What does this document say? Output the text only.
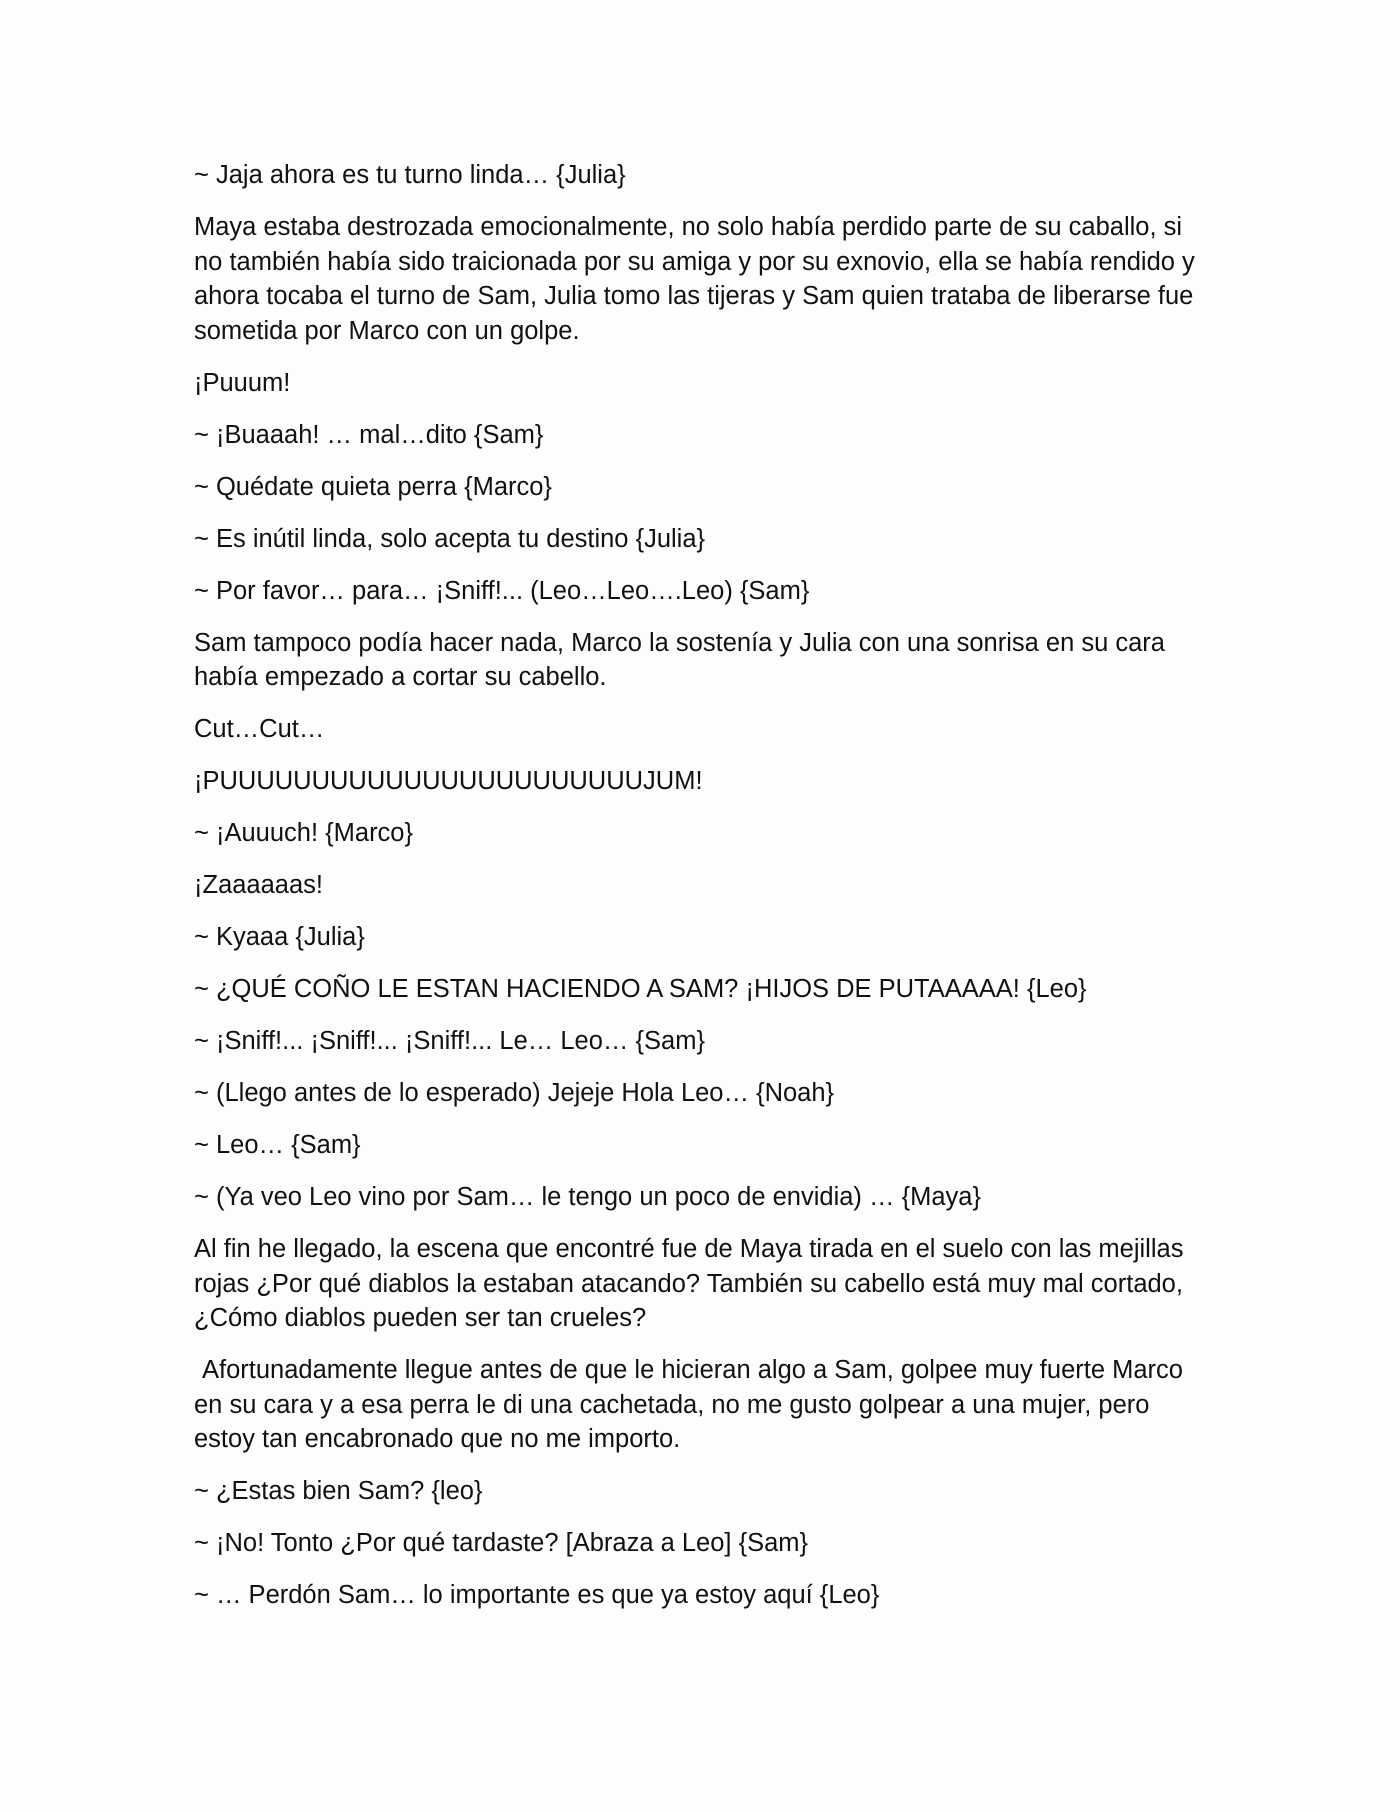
~ Jaja ahora es tu turno linda… {Julia}

Maya estaba destrozada emocionalmente, no solo había perdido parte de su caballo, si no también había sido traicionada por su amiga y por su exnovio, ella se había rendido y ahora tocaba el turno de Sam, Julia tomo las tijeras y Sam quien trataba de liberarse fue sometida por Marco con un golpe.

¡Puuum!

~ ¡Buaaah! … mal…dito {Sam}

~ Quédate quieta perra {Marco}

~ Es inútil linda, solo acepta tu destino {Julia}

~ Por favor… para… ¡Sniff!... (Leo…Leo….Leo) {Sam}

Sam tampoco podía hacer nada, Marco la sostenía y Julia con una sonrisa en su cara había empezado a cortar su cabello.

Cut…Cut…

¡PUUUUUUUUUUUUUUUUUUUUUUUJUM!

~ ¡Auuuch! {Marco}

¡Zaaaaaas!

~ Kyaaa {Julia}

~ ¿QUÉ COÑO LE ESTAN HACIENDO A SAM? ¡HIJOS DE PUTAAAAA! {Leo}

~ ¡Sniff!... ¡Sniff!... ¡Sniff!... Le… Leo… {Sam}

~ (Llego antes de lo esperado) Jejeje Hola Leo… {Noah}

~ Leo… {Sam}

~ (Ya veo Leo vino por Sam… le tengo un poco de envidia) … {Maya}

Al fin he llegado, la escena que encontré fue de Maya tirada en el suelo con las mejillas rojas ¿Por qué diablos la estaban atacando? También su cabello está muy mal cortado, ¿Cómo diablos pueden ser tan crueles?

Afortunadamente llegue antes de que le hicieran algo a Sam, golpee muy fuerte Marco en su cara y a esa perra le di una cachetada, no me gusto golpear a una mujer, pero estoy tan encabronado que no me importo.

~ ¿Estas bien Sam? {leo}

~ ¡No! Tonto ¿Por qué tardaste? [Abraza a Leo] {Sam}

~ … Perdón Sam… lo importante es que ya estoy aquí {Leo}
